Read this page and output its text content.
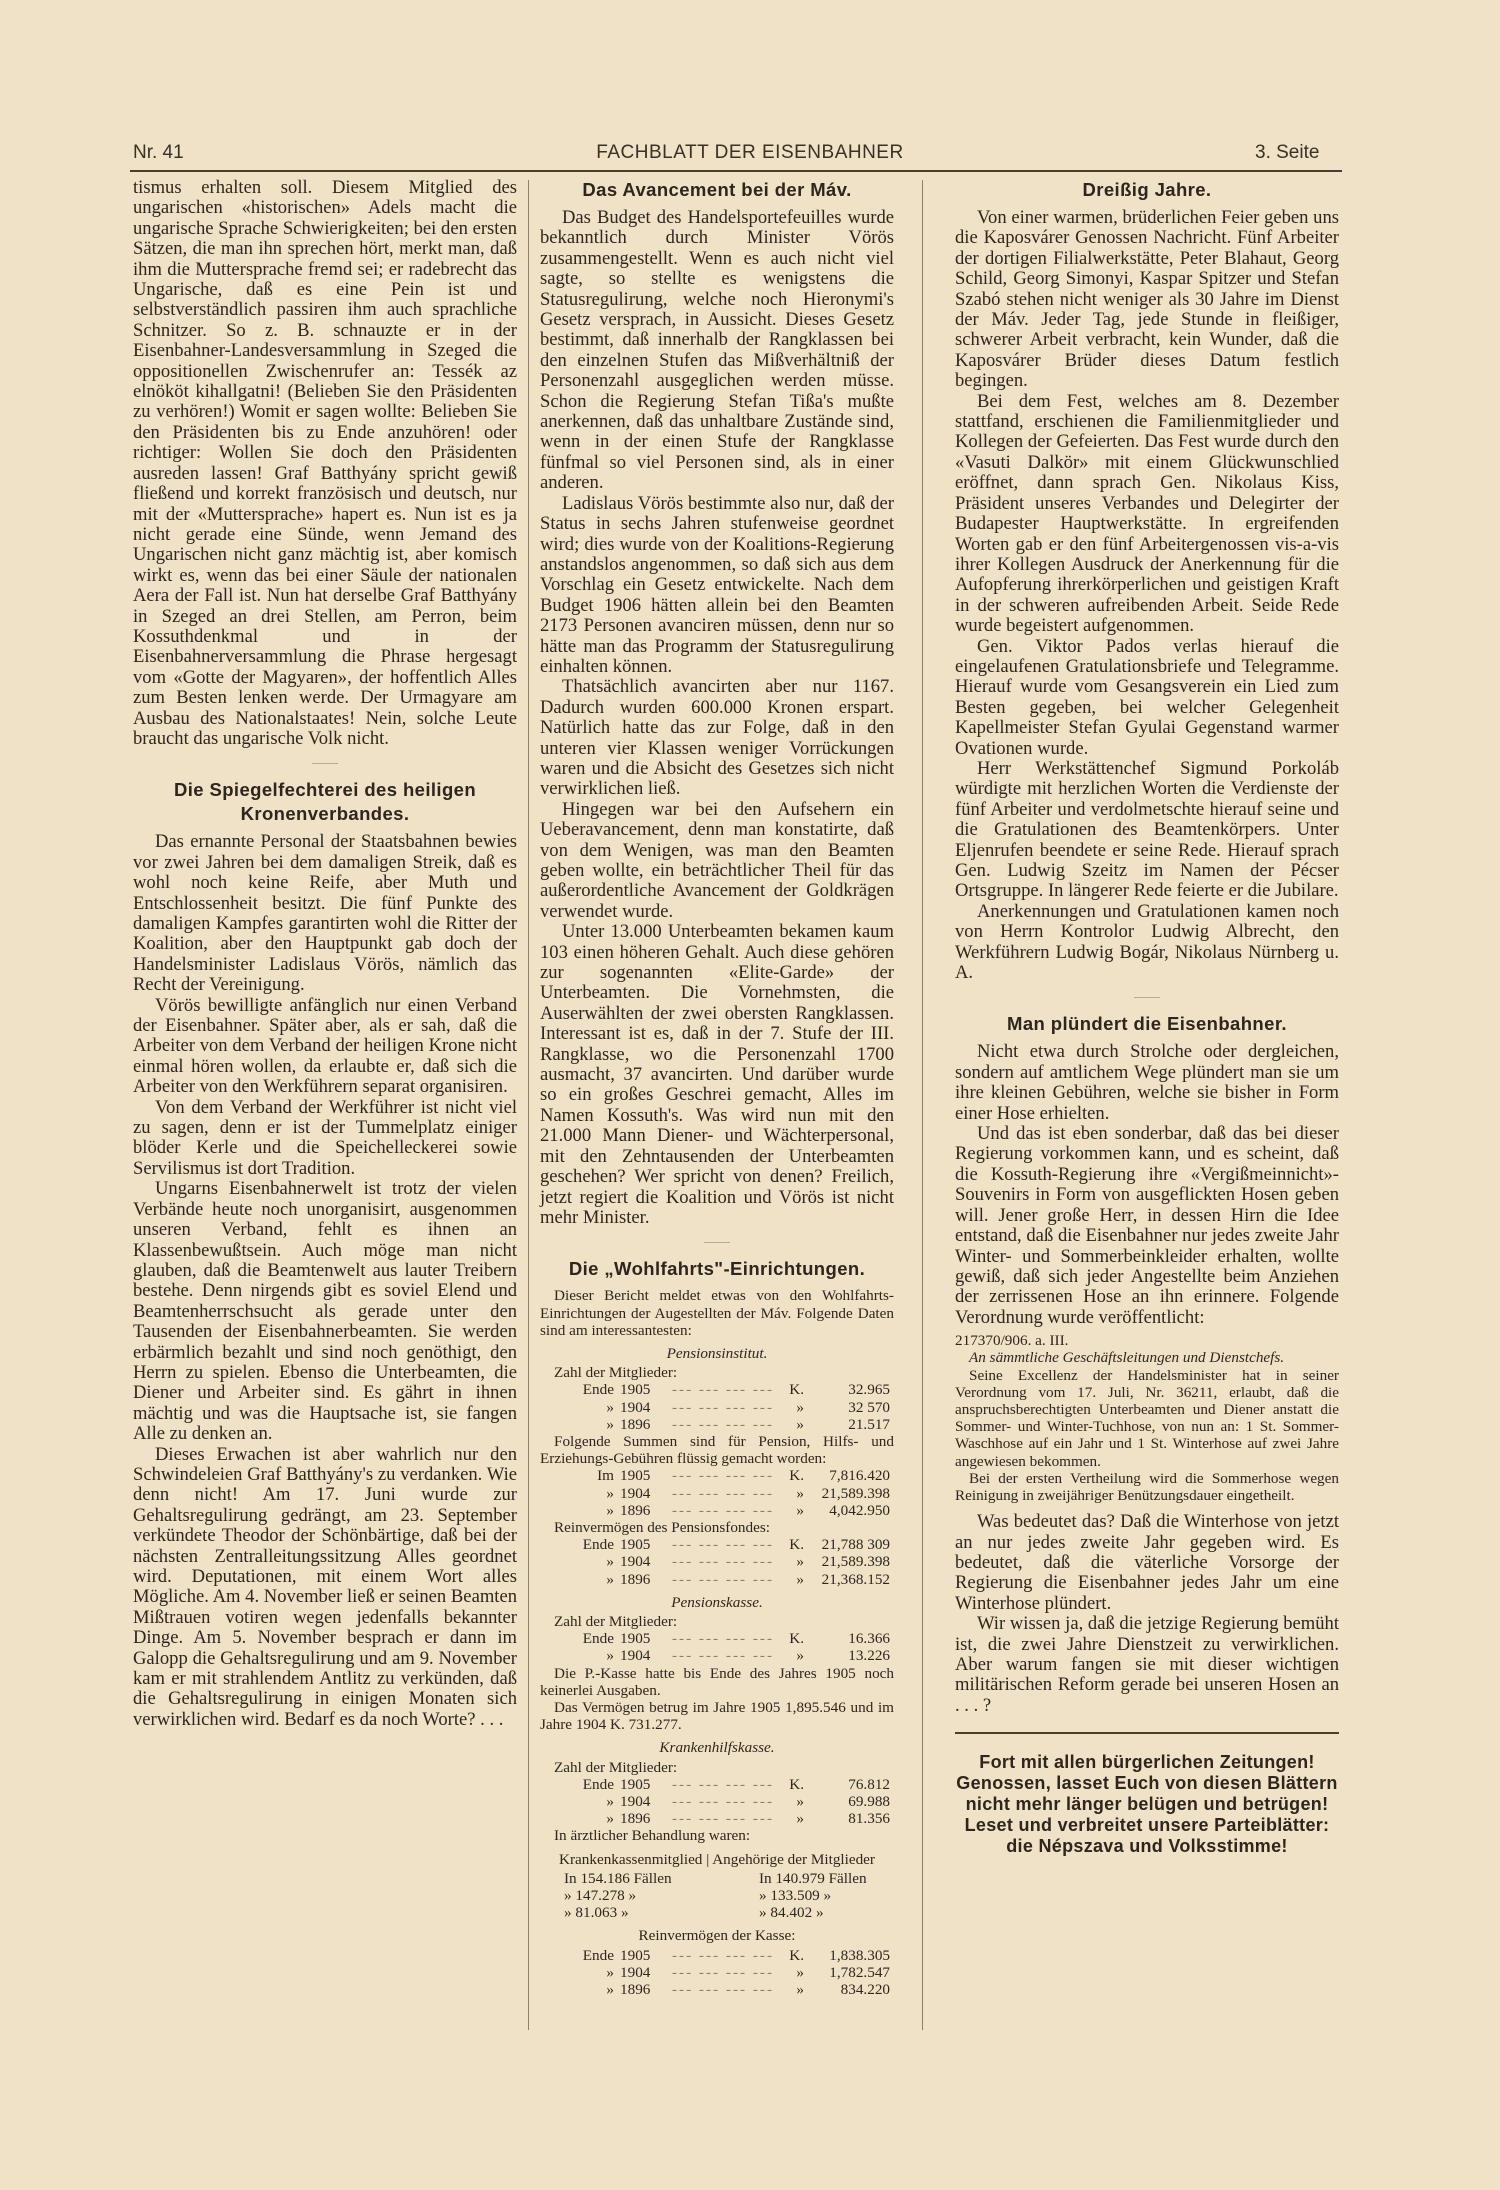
Nr. 41	FACHBLATT DER EISENBAHNER	3. Seite

tismus erhalten soll. Diesem Mitglied des ungarischen «historischen» Adels macht die ungarische Sprache Schwierigkeiten; bei den ersten Sätzen, die man ihn sprechen hört, merkt man, daß ihm die Muttersprache fremd sei; er radebrecht das Ungarische, daß es eine Pein ist und selbstverständlich passiren ihm auch sprachliche Schnitzer. So z. B. schnauzte er in der Eisenbahner-Landesversammlung in Szeged die oppositionellen Zwischenrufer an: Tessék az elnököt kihallgatni! (Belieben Sie den Präsidenten zu verhören!) Womit er sagen wollte: Belieben Sie den Präsidenten bis zu Ende anzuhören! oder richtiger: Wollen Sie doch den Präsidenten ausreden lassen! Graf Batthyány spricht gewiß fließend und korrekt französisch und deutsch, nur mit der «Muttersprache» hapert es. Nun ist es ja nicht gerade eine Sünde, wenn Jemand des Ungarischen nicht ganz mächtig ist, aber komisch wirkt es, wenn das bei einer Säule der nationalen Aera der Fall ist. Nun hat derselbe Graf Batthyány in Szeged an drei Stellen, am Perron, beim Kossuthdenkmal und in der Eisenbahnerversammlung die Phrase hergesagt vom «Gotte der Magyaren», der hoffentlich Alles zum Besten lenken werde. Der Urmagyare am Ausbau des Nationalstaates! Nein, solche Leute braucht das ungarische Volk nicht.

Die Spiegelfechterei des heiligen Kronenverbandes.

Das ernannte Personal der Staatsbahnen bewies vor zwei Jahren bei dem damaligen Streik, daß es wohl noch keine Reife, aber Muth und Entschlossenheit besitzt. Die fünf Punkte des damaligen Kampfes garantirten wohl die Ritter der Koalition, aber den Hauptpunkt gab doch der Handelsminister Ladislaus Vörös, nämlich das Recht der Vereinigung.

Vörös bewilligte anfänglich nur einen Verband der Eisenbahner. Später aber, als er sah, daß die Arbeiter von dem Verband der heiligen Krone nicht einmal hören wollen, da erlaubte er, daß sich die Arbeiter von den Werkführern separat organisiren.

Von dem Verband der Werkführer ist nicht viel zu sagen, denn er ist der Tummelplatz einiger blöder Kerle und die Speichelleckerei sowie Servilismus ist dort Tradition.

Ungarns Eisenbahnerwelt ist trotz der vielen Verbände heute noch unorganisirt, ausgenommen unseren Verband, fehlt es ihnen an Klassenbewußtsein. Auch möge man nicht glauben, daß die Beamtenwelt aus lauter Treibern bestehe. Denn nirgends gibt es soviel Elend und Beamtenherrschsucht als gerade unter den Tausenden der Eisenbahnerbeamten. Sie werden erbärmlich bezahlt und sind noch genöthigt, den Herrn zu spielen. Ebenso die Unterbeamten, die Diener und Arbeiter sind. Es gährt in ihnen mächtig und was die Hauptsache ist, sie fangen Alle zu denken an.

Dieses Erwachen ist aber wahrlich nur den Schwindeleien Graf Batthyány's zu verdanken. Wie denn nicht! Am 17. Juni wurde zur Gehaltsregulirung gedrängt, am 23. September verkündete Theodor der Schönbärtige, daß bei der nächsten Zentralleitungssitzung Alles geordnet wird. Deputationen, mit einem Wort alles Mögliche. Am 4. November ließ er seinen Beamten Mißtrauen votiren wegen jedenfalls bekannter Dinge. Am 5. November besprach er dann im Galopp die Gehaltsregulirung und am 9. November kam er mit strahlendem Antlitz zu verkünden, daß die Gehaltsregulirung in einigen Monaten sich verwirklichen wird. Bedarf es da noch Worte? . . .

Das Avancement bei der Máv.

Das Budget des Handelsportefeuilles wurde bekanntlich durch Minister Vörös zusammengestellt. Wenn es auch nicht viel sagte, so stellte es wenigstens die Statusregulirung, welche noch Hieronymi's Gesetz versprach, in Aussicht. Dieses Gesetz bestimmt, daß innerhalb der Rangklassen bei den einzelnen Stufen das Mißverhältniß der Personenzahl ausgeglichen werden müsse. Schon die Regierung Stefan Tißa's mußte anerkennen, daß das unhaltbare Zustände sind, wenn in der einen Stufe der Rangklasse fünfmal so viel Personen sind, als in einer anderen.

Ladislaus Vörös bestimmte also nur, daß der Status in sechs Jahren stufenweise geordnet wird; dies wurde von der Koalitions-Regierung anstandslos angenommen, so daß sich aus dem Vorschlag ein Gesetz entwickelte. Nach dem Budget 1906 hätten allein bei den Beamten 2173 Personen avanciren müssen, denn nur so hätte man das Programm der Statusregulirung einhalten können.

Thatsächlich avancirten aber nur 1167. Dadurch wurden 600.000 Kronen erspart. Natürlich hatte das zur Folge, daß in den unteren vier Klassen weniger Vorrückungen waren und die Absicht des Gesetzes sich nicht verwirklichen ließ.

Hingegen war bei den Aufsehern ein Ueberavancement, denn man konstatirte, daß von dem Wenigen, was man den Beamten geben wollte, ein beträchtlicher Theil für das außerordentliche Avancement der Goldkrägen verwendet wurde.

Unter 13.000 Unterbeamten bekamen kaum 103 einen höheren Gehalt. Auch diese gehören zur sogenannten «Elite-Garde» der Unterbeamten. Die Vornehmsten, die Auserwählten der zwei obersten Rangklassen. Interessant ist es, daß in der 7. Stufe der III. Rangklasse, wo die Personenzahl 1700 ausmacht, 37 avancirten. Und darüber wurde so ein großes Geschrei gemacht, Alles im Namen Kossuth's. Was wird nun mit den 21.000 Mann Diener- und Wächterpersonal, mit den Zehntausenden der Unterbeamten geschehen? Wer spricht von denen? Freilich, jetzt regiert die Koalition und Vörös ist nicht mehr Minister.

Die „Wohlfahrts"-Einrichtungen.

Dieser Bericht meldet etwas von den Wohlfahrts-Einrichtungen der Augestellten der Máv. Folgende Daten sind am interessantesten:

Pensionsinstitut.
Zahl der Mitglieder:
Ende 1905	--- --- --- --- K.	32.965
» 1904	--- --- --- ---	»	32 570
» 1896	--- --- --- ---	»	21.517

Folgende Summen sind für Pension, Hilfs- und Erziehungs-Gebühren flüssig gemacht worden:

Im 1905	--- --- --- --- K.	7,816.420
» 1904	--- --- --- ---	»	21,589.398
» 1896	--- --- --- ---	»	4,042.950
Reinvermögen des Pensionsfondes:
Ende 1905	--- --- --- --- K.	21,788 309
» 1904	--- --- --- ---	»	21,589.398
» 1896	--- --- --- ---	»	21,368.152
Pensionskasse.
Zahl der Mitglieder:
Ende 1905	--- --- --- --- K.	16.366
» 1904	--- --- --- ---	»	13.226

Die P.-Kasse hatte bis Ende des Jahres 1905 noch keinerlei Ausgaben.

Das Vermögen betrug im Jahre 1905 1,895.546 und im Jahre 1904 K. 731.277.

Krankenhilfskasse.
Zahl der Mitglieder:
Ende 1905	--- --- --- --- K.	76.812
» 1904	--- --- --- ---	»	69.988
» 1896	--- --- --- ---	»	81.356
In ärztlicher Behandlung waren:
Krankenkassenmitglied | Angehörige der Mitglieder
In 154.186 Fällen	In 140.979 Fällen
» 147.278 »	» 133.509 »
» 81.063 »	» 84.402 »
Reinvermögen der Kasse:
Ende 1905	--- --- --- --- K.	1,838.305
» 1904	--- --- --- ---	»	1,782.547
» 1896	--- --- --- ---	»	834.220
Dreißig Jahre.

Von einer warmen, brüderlichen Feier geben uns die Kaposvárer Genossen Nachricht. Fünf Arbeiter der dortigen Filialwerkstätte, Peter Blahaut, Georg Schild, Georg Simonyi, Kaspar Spitzer und Stefan Szabó stehen nicht weniger als 30 Jahre im Dienst der Máv. Jeder Tag, jede Stunde in fleißiger, schwerer Arbeit verbracht, kein Wunder, daß die Kaposvárer Brüder dieses Datum festlich begingen.

Bei dem Fest, welches am 8. Dezember stattfand, erschienen die Familienmitglieder und Kollegen der Gefeierten. Das Fest wurde durch den «Vasuti Dalkör» mit einem Glückwunschlied eröffnet, dann sprach Gen. Nikolaus Kiss, Präsident unseres Verbandes und Delegirter der Budapester Hauptwerkstätte. In ergreifenden Worten gab er den fünf Arbeitergenossen vis-a-vis ihrer Kollegen Ausdruck der Anerkennung für die Aufopferung ihrerkörperlichen und geistigen Kraft in der schweren aufreibenden Arbeit. Seide Rede wurde begeistert aufgenommen.

Gen. Viktor Pados verlas hierauf die eingelaufenen Gratulationsbriefe und Telegramme. Hierauf wurde vom Gesangsverein ein Lied zum Besten gegeben, bei welcher Gelegenheit Kapellmeister Stefan Gyulai Gegenstand warmer Ovationen wurde.

Herr Werkstättenchef Sigmund Porkoláb würdigte mit herzlichen Worten die Verdienste der fünf Arbeiter und verdolmetschte hierauf seine und die Gratulationen des Beamtenkörpers. Unter Eljenrufen beendete er seine Rede. Hierauf sprach Gen. Ludwig Szeitz im Namen der Pécser Ortsgruppe. In längerer Rede feierte er die Jubilare.

Anerkennungen und Gratulationen kamen noch von Herrn Kontrolor Ludwig Albrecht, den Werkführern Ludwig Bogár, Nikolaus Nürnberg u. A.

Man plündert die Eisenbahner.

Nicht etwa durch Strolche oder dergleichen, sondern auf amtlichem Wege plündert man sie um ihre kleinen Gebühren, welche sie bisher in Form einer Hose erhielten.

Und das ist eben sonderbar, daß das bei dieser Regierung vorkommen kann, und es scheint, daß die Kossuth-Regierung ihre «Vergißmeinnicht»-Souvenirs in Form von ausgeflickten Hosen geben will. Jener große Herr, in dessen Hirn die Idee entstand, daß die Eisenbahner nur jedes zweite Jahr Winter- und Sommerbeinkleider erhalten, wollte gewiß, daß sich jeder Angestellte beim Anziehen der zerrissenen Hose an ihn erinnere. Folgende Verordnung wurde veröffentlicht:

217370/906. a. III.
An sämmtliche Geschäftsleitungen und Dienstchefs.

Seine Excellenz der Handelsminister hat in seiner Verordnung vom 17. Juli, Nr. 36211, erlaubt, daß die anspruchsberechtigten Unterbeamten und Diener anstatt die Sommer- und Winter-Tuchhose, von nun an: 1 St. Sommer-Waschhose auf ein Jahr und 1 St. Winterhose auf zwei Jahre angewiesen bekommen.

Bei der ersten Vertheilung wird die Sommerhose wegen Reinigung in zweijähriger Benützungsdauer eingetheilt.

Was bedeutet das? Daß die Winterhose von jetzt an nur jedes zweite Jahr gegeben wird. Es bedeutet, daß die väterliche Vorsorge der Regierung die Eisenbahner jedes Jahr um eine Winterhose plündert.

Wir wissen ja, daß die jetzige Regierung bemüht ist, die zwei Jahre Dienstzeit zu verwirklichen. Aber warum fangen sie mit dieser wichtigen militärischen Reform gerade bei unseren Hosen an . . . ?

Fort mit allen bürgerlichen Zeitungen! Genossen, lasset Euch von diesen Blättern nicht mehr länger belügen und betrügen! Leset und verbreitet unsere Parteiblätter: die Népszava und Volksstimme!
